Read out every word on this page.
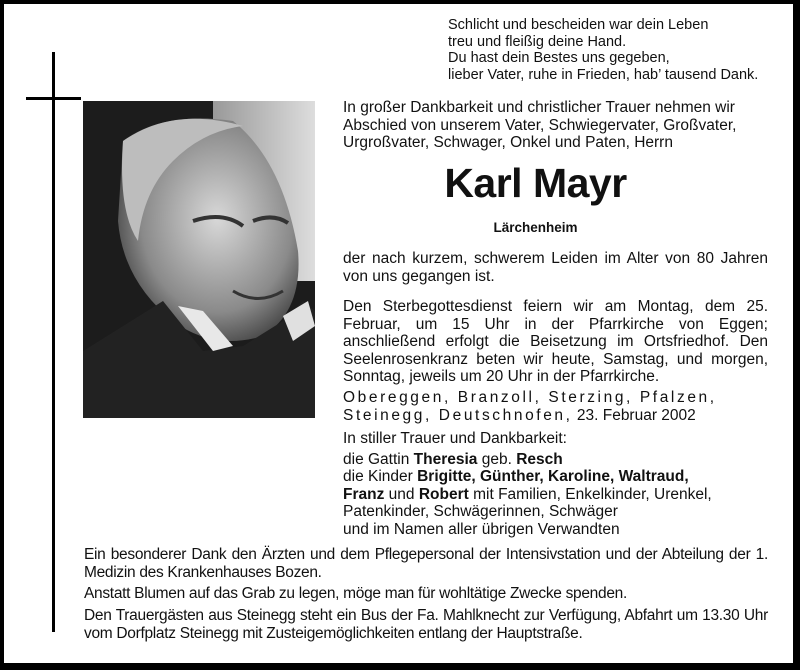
Schlicht und bescheiden war dein Leben
treu und fleißig deine Hand.
Du hast dein Bestes uns gegeben,
lieber Vater, ruhe in Frieden, hab’ tausend Dank.
In großer Dankbarkeit und christlicher Trauer nehmen wir Abschied von unserem Vater, Schwiegervater, Großvater, Urgroßvater, Schwager, Onkel und Paten, Herrn
Karl Mayr
Lärchenheim
der nach kurzem, schwerem Leiden im Alter von 80 Jahren von uns gegangen ist.
Den Sterbegottesdienst feiern wir am Montag, dem 25. Februar, um 15 Uhr in der Pfarrkirche von Eggen; anschließend erfolgt die Beisetzung im Ortsfriedhof. Den Seelenrosenkranz beten wir heute, Samstag, und morgen, Sonntag, jeweils um 20 Uhr in der Pfarrkirche.
Obereggen, Branzoll, Sterzing, Pfalzen,
Steinegg, Deutschnofen, 23. Februar 2002
In stiller Trauer und Dankbarkeit:
die Gattin Theresia geb. Resch
die Kinder Brigitte, Günther, Karoline, Waltraud,
Franz und Robert mit Familien, Enkelkinder, Urenkel,
Patenkinder, Schwägerinnen, Schwäger
und im Namen aller übrigen Verwandten
Ein besonderer Dank den Ärzten und dem Pflegepersonal der Intensivstation und der Abteilung der 1. Medizin des Krankenhauses Bozen.
Anstatt Blumen auf das Grab zu legen, möge man für wohltätige Zwecke spenden.
Den Trauergästen aus Steinegg steht ein Bus der Fa. Mahlknecht zur Verfügung, Abfahrt um 13.30 Uhr vom Dorfplatz Steinegg mit Zusteigemöglichkeiten entlang der Hauptstraße.
